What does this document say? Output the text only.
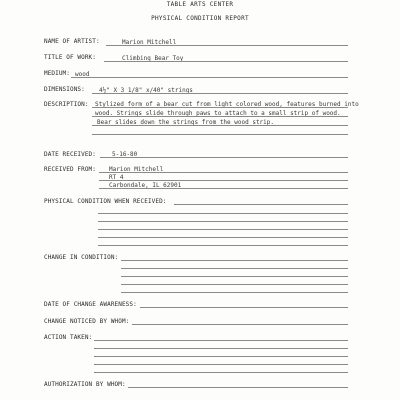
TABLE ARTS CENTER
PHYSICAL CONDITION REPORT
NAME OF ARTIST:	Marion Mitchell
TITLE OF WORK:	Climbing Bear Toy
MEDIUM: wood
DIMENSIONS: 4½" X 3 1/8" x/40" strings
DESCRIPTION: Stylized form of a bear cut from light colored wood, features burned into
wood. Strings slide through paws to attach to a small strip of wood.
Bear slides down the strings from the wood strip.
DATE RECEIVED:	5-16-80
RECEIVED FROM: Marion Mitchell
RT 4
Carbondale, IL 62901
PHYSICAL CONDITION WHEN RECEIVED:
CHANGE IN CONDITION:
DATE OF CHANGE AWARENESS:
CHANGE NOTICED BY WHOM:
ACTION TAKEN:
AUTHORIZATION BY WHOM:
